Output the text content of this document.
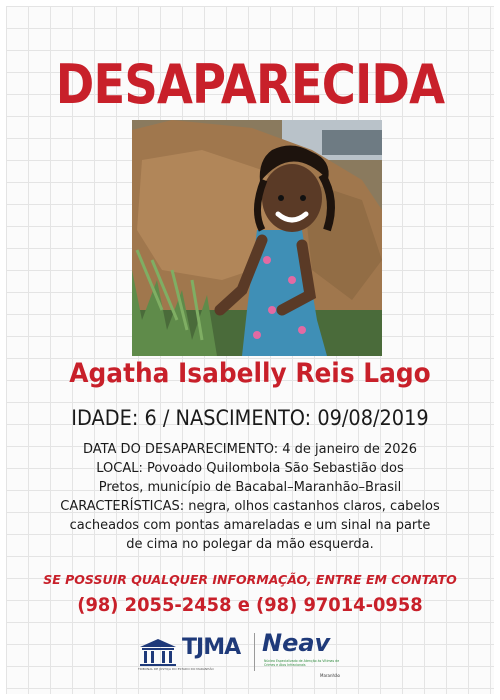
DESAPARECIDA
Agatha Isabelly Reis Lago
IDADE: 6 / NASCIMENTO: 09/08/2019
DATA DO DESAPARECIMENTO: 4 de janeiro de 2026
LOCAL: Povoado Quilombola São Sebastião dos
Pretos, município de Bacabal–Maranhão–Brasil
CARACTERÍSTICAS: negra, olhos castanhos claros, cabelos
cacheados com pontas amareladas e um sinal na parte
de cima no polegar da mão esquerda.
SE POSSUIR QUALQUER INFORMAÇÃO, ENTRE EM CONTATO
(98) 2055-2458 e (98) 97014-0958
TJMA
TRIBUNAL DE JUSTIÇA DO ESTADO DO MARANHÃO
Neav
Núcleo Especializado de Atenção às Vítimas de Crimes e Atos Infracionais
Maranhão
